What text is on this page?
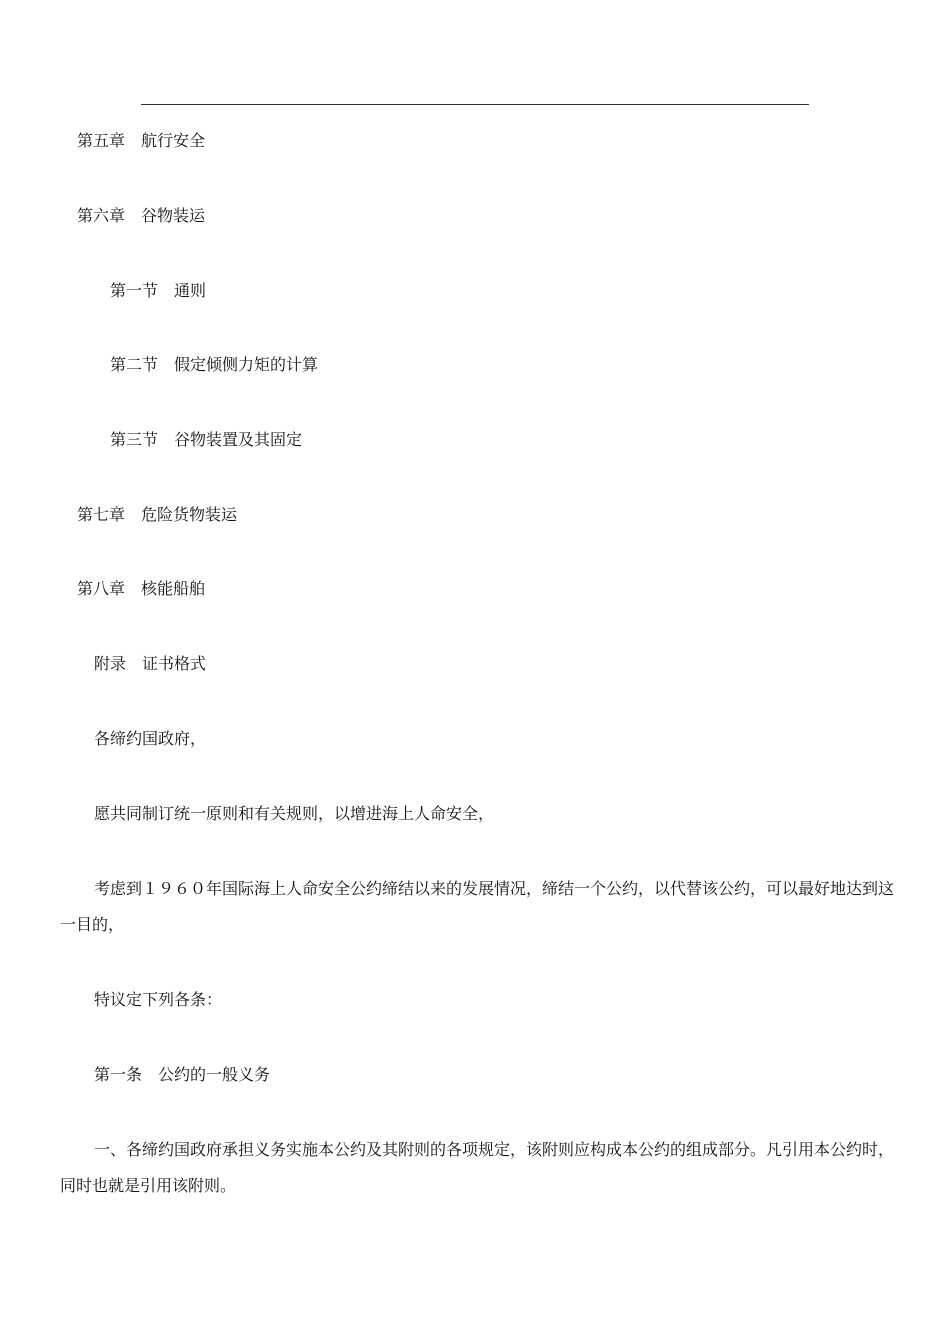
第五章　航行安全
第六章　谷物装运
第一节　通则
第二节　假定倾侧力矩的计算
第三节　谷物装置及其固定
第七章　危险货物装运
第八章　核能船舶
附录　证书格式
各缔约国政府，
愿共同制订统一原则和有关规则，以增进海上人命安全，
考虑到１９６０年国际海上人命安全公约缔结以来的发展情况，缔结一个公约，以代替该公约，可以最好地达到这一目的，
特议定下列各条：
第一条　公约的一般义务
一、各缔约国政府承担义务实施本公约及其附则的各项规定，该附则应构成本公约的组成部分。凡引用本公约时，同时也就是引用该附则。
